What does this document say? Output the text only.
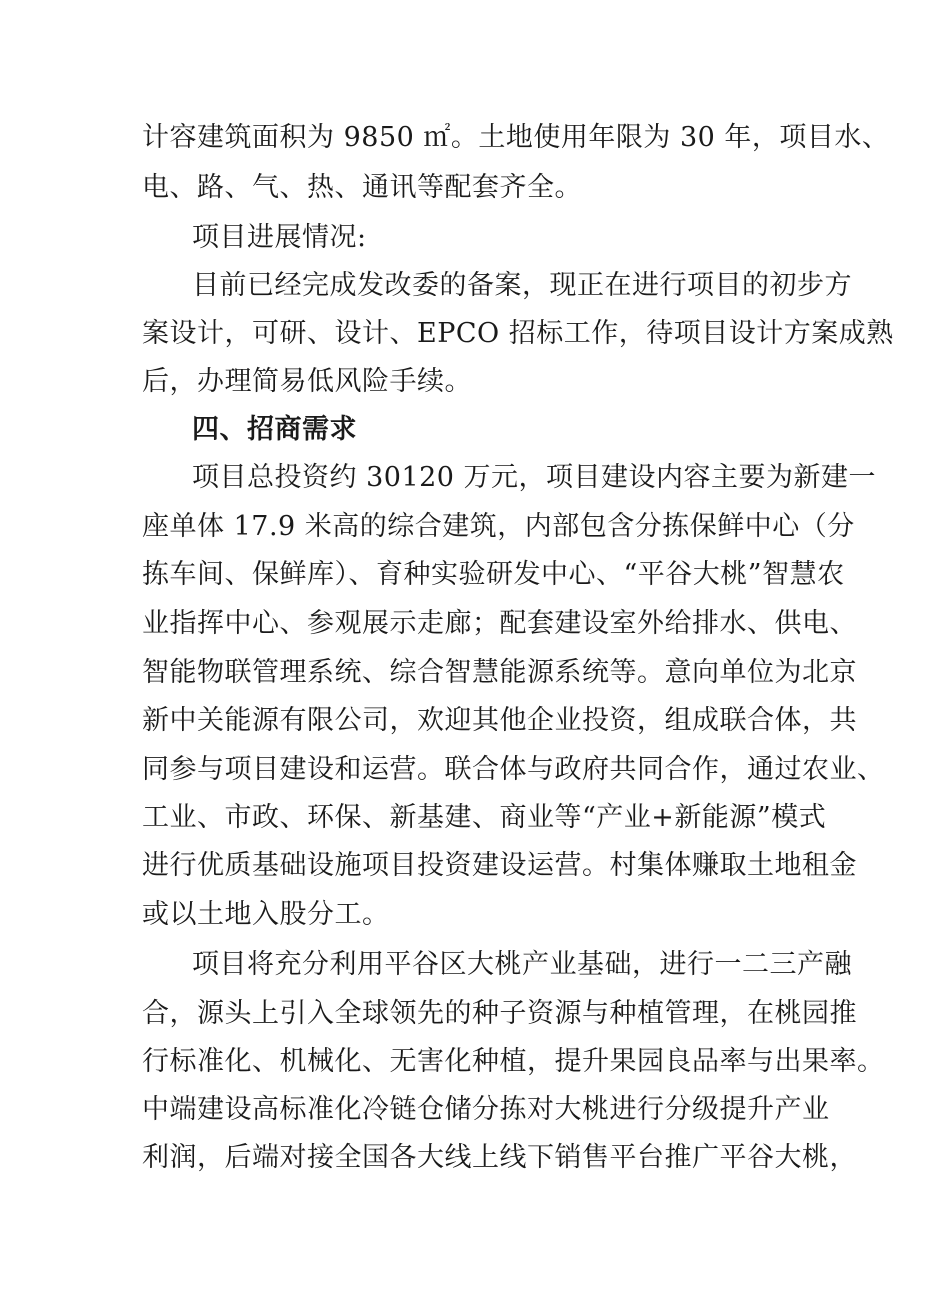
计容建筑面积为 9850 ㎡。土地使用年限为 30 年，项目水、
电、路、气、热、通讯等配套齐全。
项目进展情况:
目前已经完成发改委的备案，现正在进行项目的初步方
案设计，可研、设计、EPCO 招标工作，待项目设计方案成熟
后，办理简易低风险手续。
四、招商需求
项目总投资约 30120 万元，项目建设内容主要为新建一
座单体 17.9 米高的综合建筑，内部包含分拣保鲜中心（分
拣车间、保鲜库）、育种实验研发中心、“平谷大桃”智慧农
业指挥中心、参观展示走廊；配套建设室外给排水、供电、
智能物联管理系统、综合智慧能源系统等。意向单位为北京
新中关能源有限公司，欢迎其他企业投资，组成联合体，共
同参与项目建设和运营。联合体与政府共同合作，通过农业、
工业、市政、环保、新基建、商业等“产业+新能源”模式
进行优质基础设施项目投资建设运营。村集体赚取土地租金
或以土地入股分工。
项目将充分利用平谷区大桃产业基础，进行一二三产融
合，源头上引入全球领先的种子资源与种植管理，在桃园推
行标准化、机械化、无害化种植，提升果园良品率与出果率。
中端建设高标准化冷链仓储分拣对大桃进行分级提升产业
利润，后端对接全国各大线上线下销售平台推广平谷大桃，
